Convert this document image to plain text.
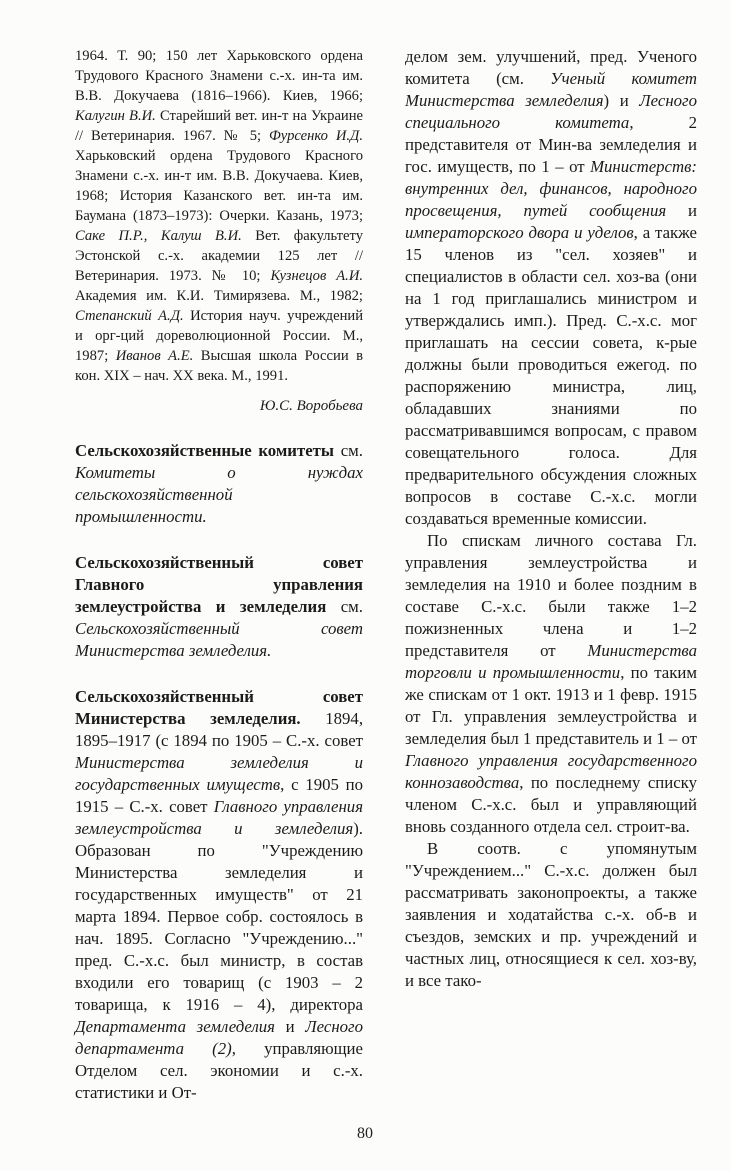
1964. Т. 90; 150 лет Харьковского ордена Трудового Красного Знамени с.-х. ин-та им. В.В. Докучаева (1816–1966). Киев, 1966; Калугин В.И. Старейший вет. ин-т на Украине // Ветеринария. 1967. № 5; Фурсенко И.Д. Харьковский ордена Трудового Красного Знамени с.-х. ин-т им. В.В. Докучаева. Киев, 1968; История Казанского вет. ин-та им. Баумана (1873–1973): Очерки. Казань, 1973; Саке П.Р., Калуш В.И. Вет. факультету Эстонской с.-х. академии 125 лет // Ветеринария. 1973. № 10; Кузнецов А.И. Академия им. К.И. Тимирязева. М., 1982; Степанский А.Д. История науч. учреждений и орг-ций дореволюционной России. М., 1987; Иванов А.Е. Высшая школа России в кон. XIX – нач. XX века. М., 1991.

Ю.С. Воробьева

Сельскохозяйственные комитеты см. Комитеты о нуждах сельскохозяйственной промышленности.

Сельскохозяйственный совет Главного управления землеустройства и земледелия см. Сельскохозяйственный совет Министерства земледелия.

Сельскохозяйственный совет Министерства земледелия. 1894, 1895–1917 (с 1894 по 1905 – С.-х. совет Министерства земледелия и государственных имуществ, с 1905 по 1915 – С.-х. совет Главного управления землеустройства и земледелия). Образован по "Учреждению Министерства земледелия и государственных имуществ" от 21 марта 1894. Первое собр. состоялось в нач. 1895. Согласно "Учреждению..." пред. С.-х.с. был министр, в состав входили его товарищ (с 1903 – 2 товарища, к 1916 – 4), директора Департамента земледелия и Лесного департамента (2), управляющие Отделом сел. экономии и с.-х. статистики и От-

делом зем. улучшений, пред. Ученого комитета (см. Ученый комитет Министерства земледелия) и Лесного специального комитета, 2 представителя от Мин-ва земледелия и гос. имуществ, по 1 – от Министерств: внутренних дел, финансов, народного просвещения, путей сообщения и императорского двора и уделов, а также 15 членов из "сел. хозяев" и специалистов в области сел. хоз-ва (они на 1 год приглашались министром и утверждались имп.). Пред. С.-х.с. мог приглашать на сессии совета, к-рые должны были проводиться ежегод. по распоряжению министра, лиц, обладавших знаниями по рассматривавшимся вопросам, с правом совещательного голоса. Для предварительного обсуждения сложных вопросов в составе С.-х.с. могли создаваться временные комиссии.

По спискам личного состава Гл. управления землеустройства и земледелия на 1910 и более поздним в составе С.-х.с. были также 1–2 пожизненных члена и 1–2 представителя от Министерства торговли и промышленности, по таким же спискам от 1 окт. 1913 и 1 февр. 1915 от Гл. управления землеустройства и земледелия был 1 представитель и 1 – от Главного управления государственного коннозаводства, по последнему списку членом С.-х.с. был и управляющий вновь созданного отдела сел. строит-ва.

В соотв. с упомянутым "Учреждением..." С.-х.с. должен был рассматривать законопроекты, а также заявления и ходатайства с.-х. об-в и съездов, земских и пр. учреждений и частных лиц, относящиеся к сел. хоз-ву, и все тако-

80
